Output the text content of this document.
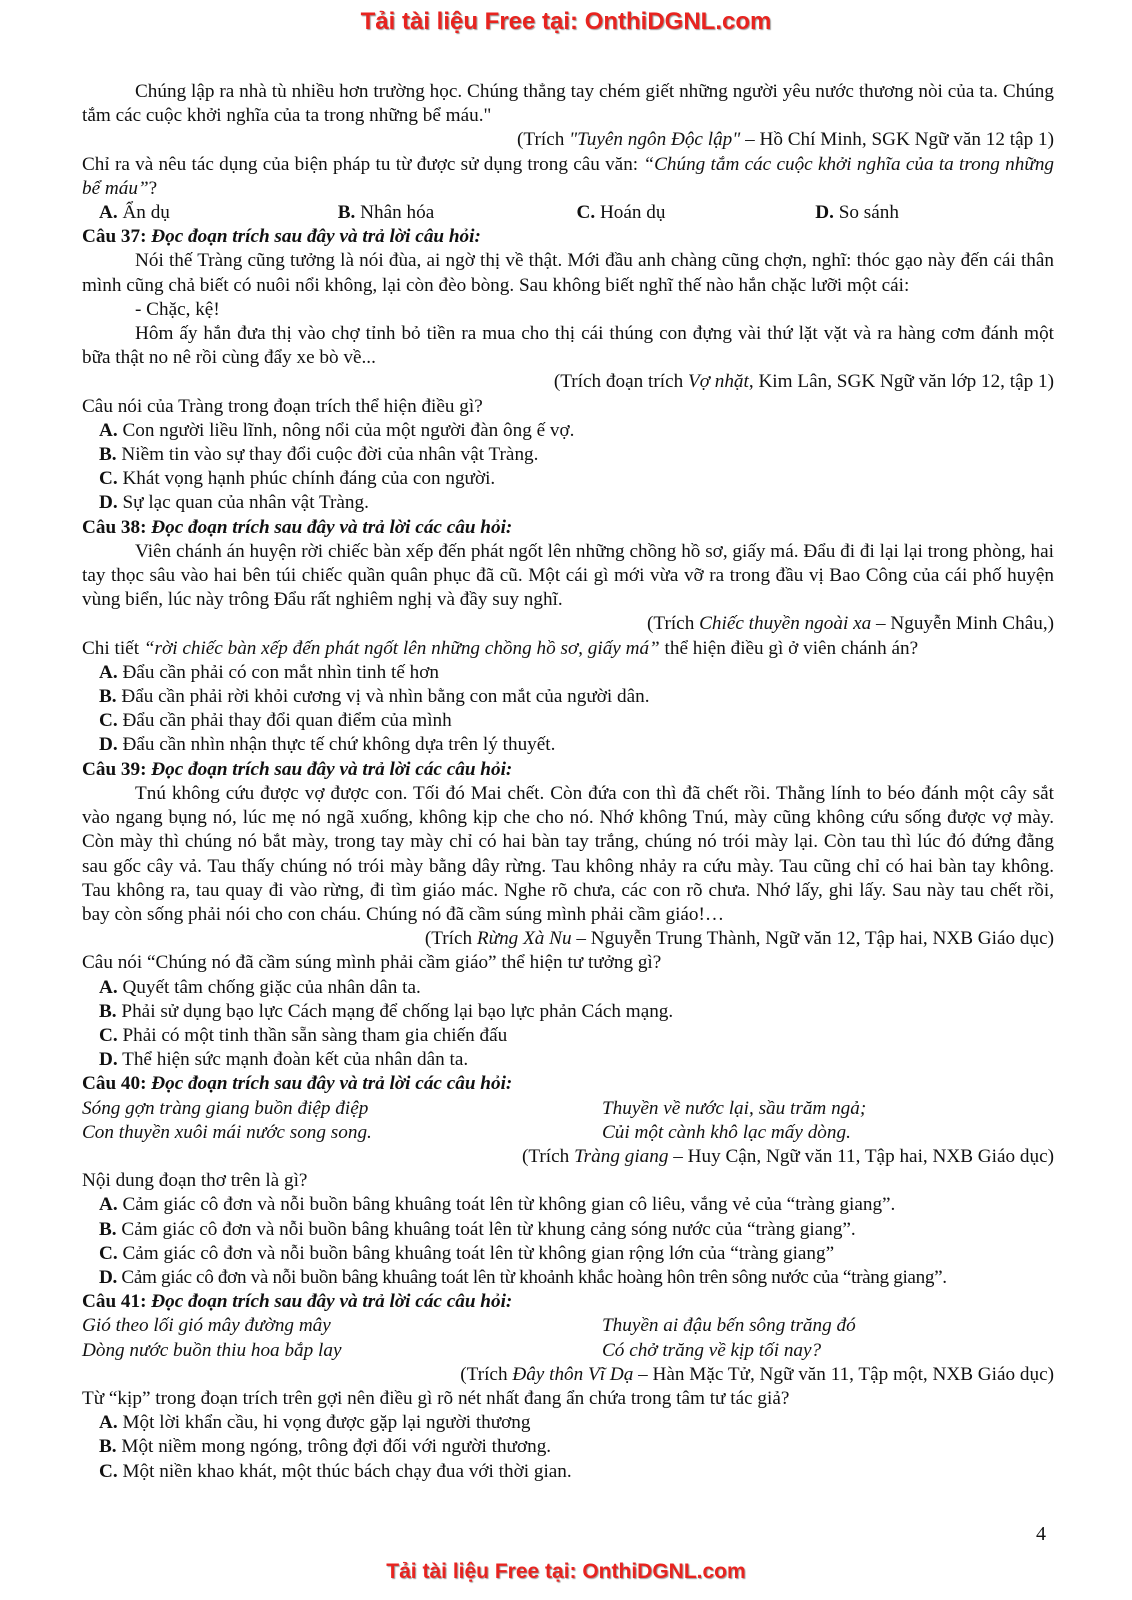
Tải tài liệu Free tại: OnthiDGNL.com

Chúng lập ra nhà tù nhiều hơn trường học. Chúng thẳng tay chém giết những người yêu nước thương nòi của ta. Chúng tắm các cuộc khởi nghĩa của ta trong những bể máu."

(Trích "Tuyên ngôn Độc lập" – Hồ Chí Minh, SGK Ngữ văn 12 tập 1)

Chỉ ra và nêu tác dụng của biện pháp tu từ được sử dụng trong câu văn: “Chúng tắm các cuộc khởi nghĩa của ta trong những bể máu”?

A. Ẩn dụ	B. Nhân hóa	C. Hoán dụ	D. So sánh

Câu 37: Đọc đoạn trích sau đây và trả lời câu hỏi:

Nói thế Tràng cũng tưởng là nói đùa, ai ngờ thị về thật. Mới đầu anh chàng cũng chợn, nghĩ: thóc gạo này đến cái thân mình cũng chả biết có nuôi nổi không, lại còn đèo bòng. Sau không biết nghĩ thế nào hắn chặc lưỡi một cái:

- Chặc, kệ!

Hôm ấy hắn đưa thị vào chợ tỉnh bỏ tiền ra mua cho thị cái thúng con đựng vài thứ lặt vặt và ra hàng cơm đánh một bữa thật no nê rồi cùng đẩy xe bò về...

(Trích đoạn trích Vợ nhặt, Kim Lân, SGK Ngữ văn lớp 12, tập 1)

Câu nói của Tràng trong đoạn trích thể hiện điều gì?

A. Con người liều lĩnh, nông nổi của một người đàn ông ế vợ.

B. Niềm tin vào sự thay đổi cuộc đời của nhân vật Tràng.

C. Khát vọng hạnh phúc chính đáng của con người.

D. Sự lạc quan của nhân vật Tràng.

Câu 38: Đọc đoạn trích sau đây và trả lời các câu hỏi:

Viên chánh án huyện rời chiếc bàn xếp đến phát ngốt lên những chồng hồ sơ, giấy má. Đẩu đi đi lại lại trong phòng, hai tay thọc sâu vào hai bên túi chiếc quần quân phục đã cũ. Một cái gì mới vừa vỡ ra trong đầu vị Bao Công của cái phố huyện vùng biển, lúc này trông Đẩu rất nghiêm nghị và đầy suy nghĩ.

(Trích Chiếc thuyền ngoài xa – Nguyễn Minh Châu,)

Chi tiết “rời chiếc bàn xếp đến phát ngốt lên những chồng hồ sơ, giấy má” thể hiện điều gì ở viên chánh án?

A. Đẩu cần phải có con mắt nhìn tinh tế hơn

B. Đẩu cần phải rời khỏi cương vị và nhìn bằng con mắt của người dân.

C. Đẩu cần phải thay đổi quan điểm của mình

D. Đẩu cần nhìn nhận thực tế chứ không dựa trên lý thuyết.

Câu 39: Đọc đoạn trích sau đây và trả lời các câu hỏi:

Tnú không cứu được vợ được con. Tối đó Mai chết. Còn đứa con thì đã chết rồi. Thằng lính to béo đánh một cây sắt vào ngang bụng nó, lúc mẹ nó ngã xuống, không kịp che cho nó. Nhớ không Tnú, mày cũng không cứu sống được vợ mày. Còn mày thì chúng nó bắt mày, trong tay mày chỉ có hai bàn tay trắng, chúng nó trói mày lại. Còn tau thì lúc đó đứng đằng sau gốc cây vả. Tau thấy chúng nó trói mày bằng dây rừng. Tau không nhảy ra cứu mày. Tau cũng chỉ có hai bàn tay không. Tau không ra, tau quay đi vào rừng, đi tìm giáo mác. Nghe rõ chưa, các con rõ chưa. Nhớ lấy, ghi lấy. Sau này tau chết rồi, bay còn sống phải nói cho con cháu. Chúng nó đã cầm súng mình phải cầm giáo!…

(Trích Rừng Xà Nu – Nguyễn Trung Thành, Ngữ văn 12, Tập hai, NXB Giáo dục)

Câu nói “Chúng nó đã cầm súng mình phải cầm giáo” thể hiện tư tưởng gì?

A. Quyết tâm chống giặc của nhân dân ta.

B. Phải sử dụng bạo lực Cách mạng để chống lại bạo lực phản Cách mạng.

C. Phải có một tinh thần sẵn sàng tham gia chiến đấu

D. Thể hiện sức mạnh đoàn kết của nhân dân ta.

Câu 40: Đọc đoạn trích sau đây và trả lời các câu hỏi:

Sóng gợn tràng giang buồn điệp điệp	Thuyền về nước lại, sầu trăm ngả;
Con thuyền xuôi mái nước song song.	Củi một cành khô lạc mấy dòng.

(Trích Tràng giang – Huy Cận, Ngữ văn 11, Tập hai, NXB Giáo dục)

Nội dung đoạn thơ trên là gì?

A. Cảm giác cô đơn và nỗi buồn bâng khuâng toát lên từ không gian cô liêu, vắng vẻ của “tràng giang”.

B. Cảm giác cô đơn và nỗi buồn bâng khuâng toát lên từ khung cảng sóng nước của “tràng giang”.

C. Cảm giác cô đơn và nỗi buồn bâng khuâng toát lên từ không gian rộng lớn của “tràng giang”

D. Cảm giác cô đơn và nỗi buồn bâng khuâng toát lên từ khoảnh khắc hoàng hôn trên sông nước của “tràng giang”.

Câu 41: Đọc đoạn trích sau đây và trả lời các câu hỏi:

Gió theo lối gió mây đường mây	Thuyền ai đậu bến sông trăng đó
Dòng nước buồn thiu hoa bắp lay	Có chở trăng về kịp tối nay?

(Trích Đây thôn Vĩ Dạ – Hàn Mặc Tử, Ngữ văn 11, Tập một, NXB Giáo dục)

Từ “kịp” trong đoạn trích trên gợi nên điều gì rõ nét nhất đang ẩn chứa trong tâm tư tác giả?

A. Một lời khẩn cầu, hi vọng được gặp lại người thương

B. Một niềm mong ngóng, trông đợi đối với người thương.

C. Một niền khao khát, một thúc bách chạy đua với thời gian.

4
Tải tài liệu Free tại: OnthiDGNL.com
